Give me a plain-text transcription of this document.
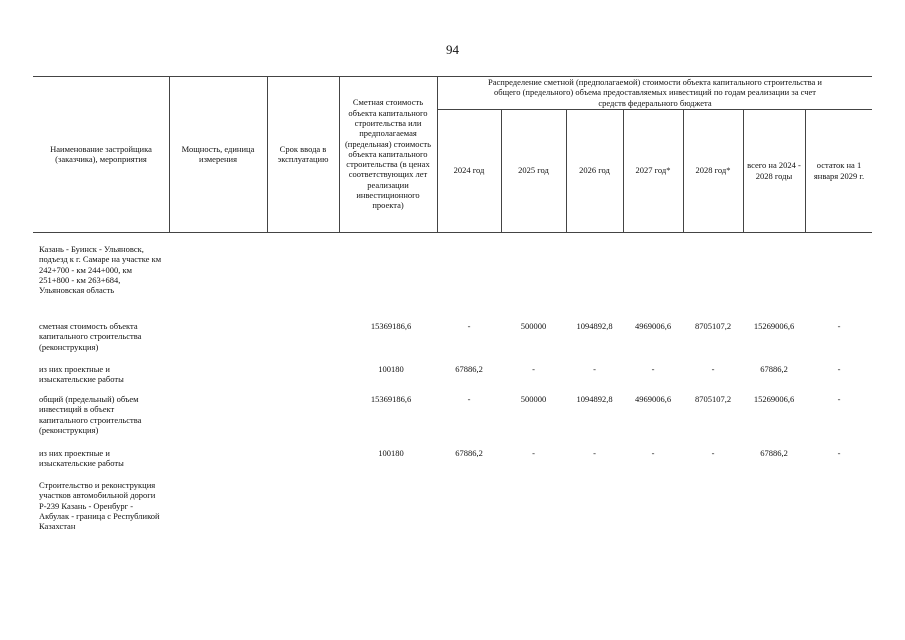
94
Наименование застройщика (заказчика), мероприятия
Мощность, единица измерения
Срок ввода в эксплуатацию
Сметная стоимость объекта капитального строительства или предполагаемая (предельная) стоимость объекта капитального строительства (в ценах соответствующих лет реализации инвестиционного проекта)
Распределение сметной (предполагаемой) стоимости объекта капитального строительства и общего (предельного) объема предоставляемых инвестиций по годам реализации за счет средств федерального бюджета
2024 год	2025 год	2026 год	2027 год*	2028 год*
всего на 2024 - 2028 годы
остаток на 1 января 2029 г.
Казань - Буинск - Ульяновск, подъезд к г. Самаре на участке км 242+700 - км 244+000, км 251+800 - км 263+684, Ульяновская область
сметная стоимость объекта капитального строительства (реконструкция)
15369186,6	-	500000	1094892,8	4969006,6	8705107,2	15269006,6	-
из них проектные и изыскательские работы
100180	67886,2	-	-	-	-	67886,2	-
общий (предельный) объем инвестиций в объект капитального строительства (реконструкция)
15369186,6	-	500000	1094892,8	4969006,6	8705107,2	15269006,6	-
из них проектные и изыскательские работы
100180	67886,2	-	-	-	-	67886,2	-
Строительство и реконструкция участков автомобильной дороги Р-239 Казань - Оренбург - Акбулак - граница с Республикой Казахстан
